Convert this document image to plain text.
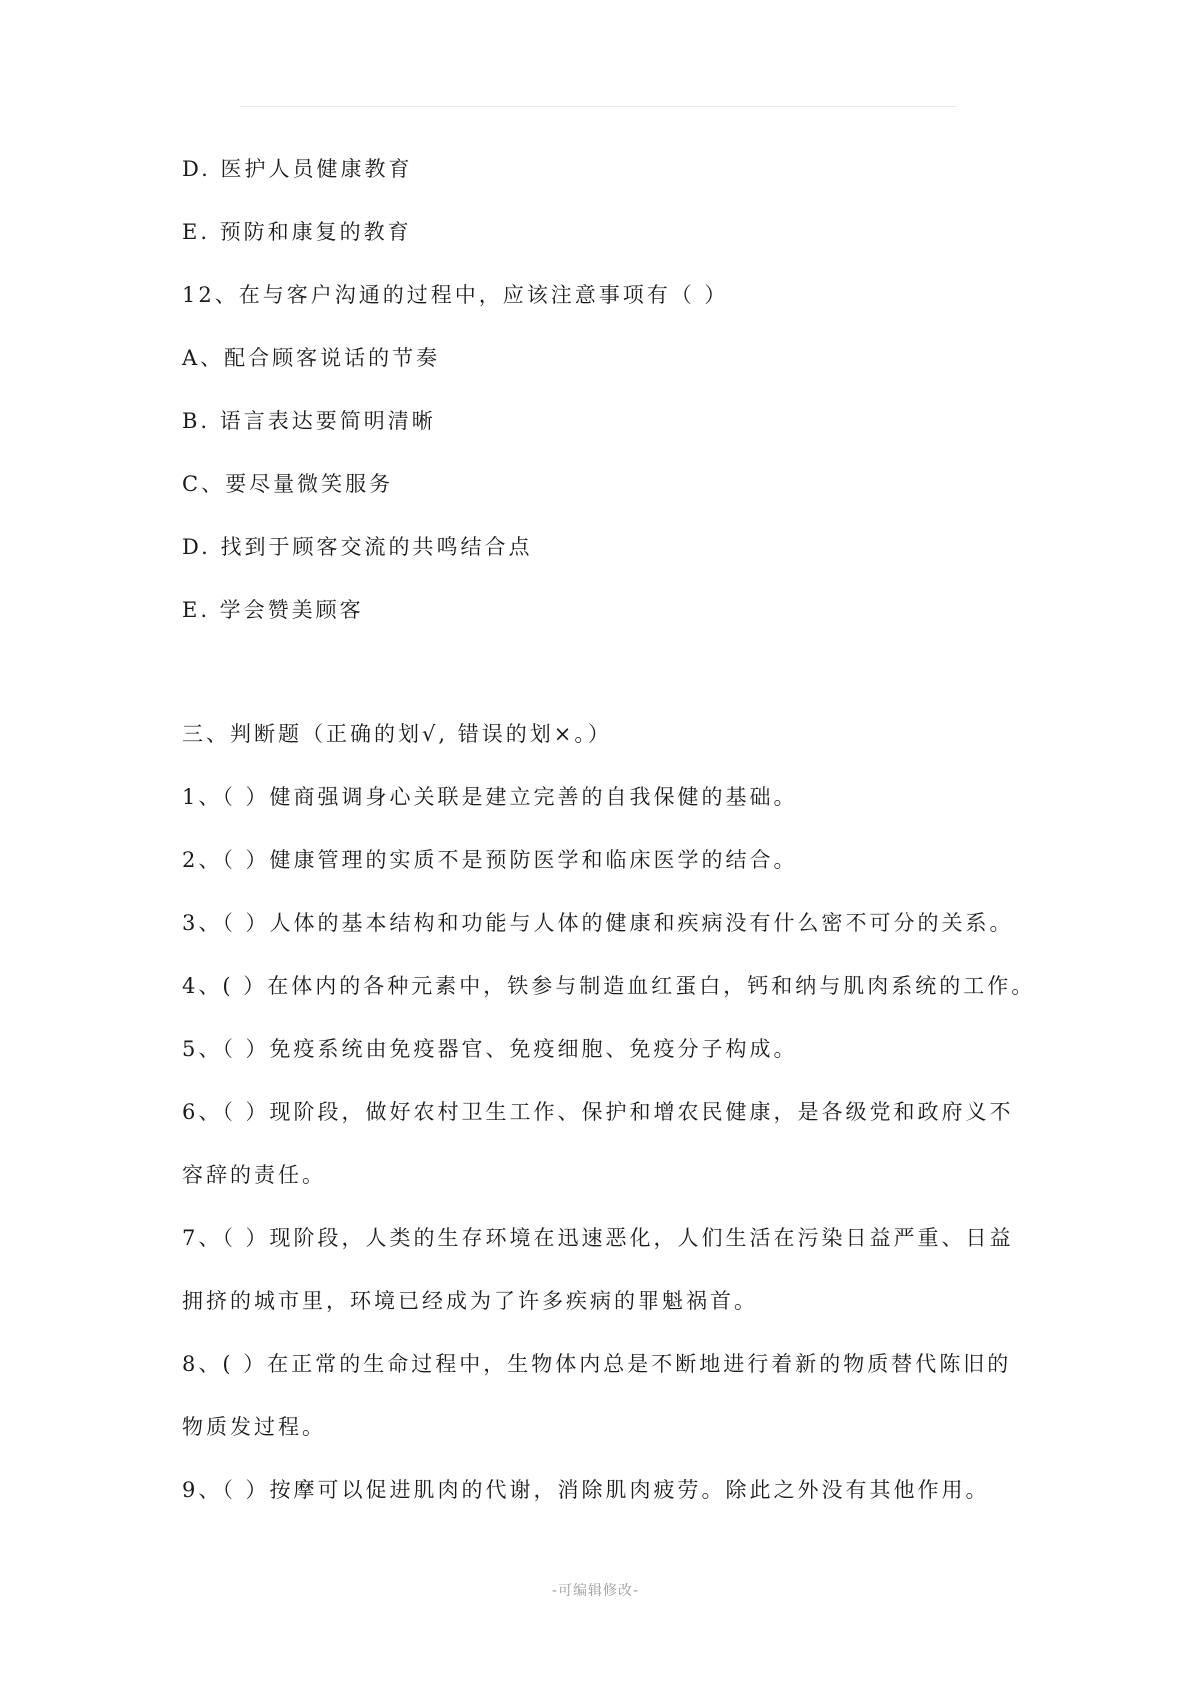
D. 医护人员健康教育
E. 预防和康复的教育
12、在与客户沟通的过程中，应该注意事项有（ ）
A、配合顾客说话的节奏
B. 语言表达要简明清晰
C、要尽量微笑服务
D. 找到于顾客交流的共鸣结合点
E. 学会赞美顾客
三、判断题（正确的划√, 错误的划×。）
1、（ ）健商强调身心关联是建立完善的自我保健的基础。
2、（ ）健康管理的实质不是预防医学和临床医学的结合。
3、（ ）人体的基本结构和功能与人体的健康和疾病没有什么密不可分的关系。
4、( ）在体内的各种元素中，铁参与制造血红蛋白，钙和纳与肌肉系统的工作。
5、（ ）免疫系统由免疫器官、免疫细胞、免疫分子构成。
6、（ ）现阶段，做好农村卫生工作、保护和增农民健康，是各级党和政府义不
容辞的责任。
7、（ ）现阶段，人类的生存环境在迅速恶化，人们生活在污染日益严重、日益
拥挤的城市里，环境已经成为了许多疾病的罪魁祸首。
8、( ）在正常的生命过程中，生物体内总是不断地进行着新的物质替代陈旧的
物质发过程。
9、（ ）按摩可以促进肌肉的代谢，消除肌肉疲劳。除此之外没有其他作用。
-可编辑修改-
